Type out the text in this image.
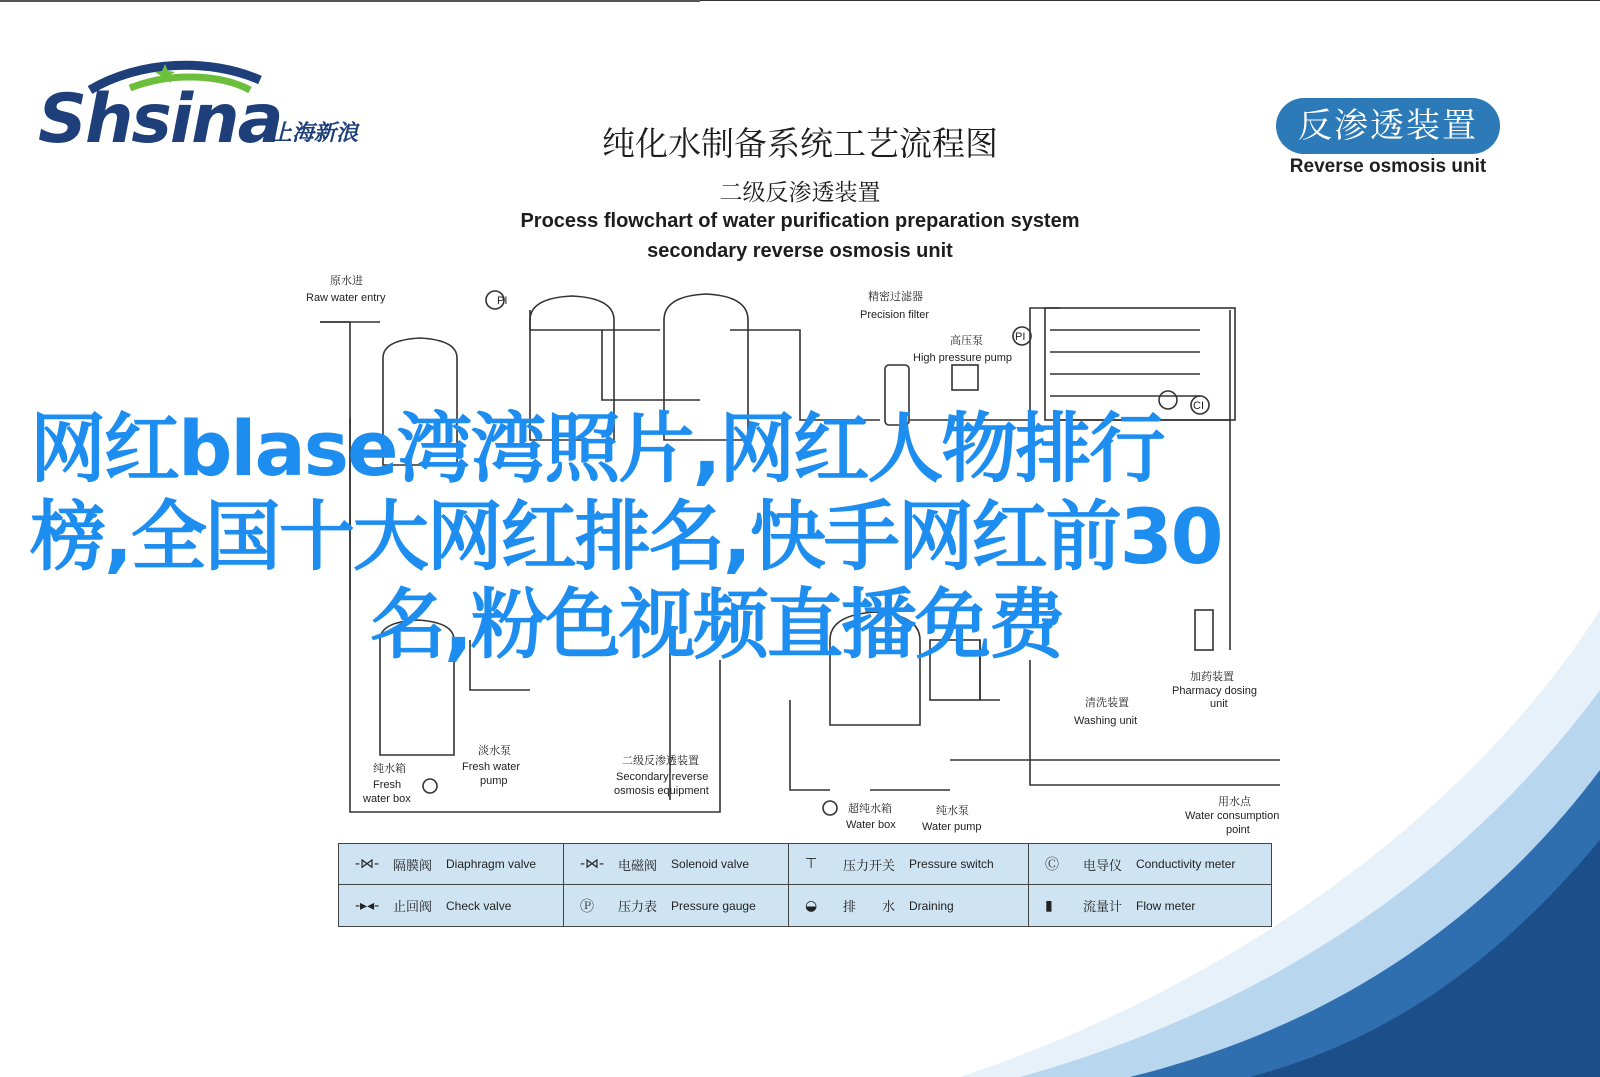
Shsina
上海新浪	反渗透装置
Reverse osmosis unit
纯化水制备系统工艺流程图
二级反渗透装置
Process flowchart of water purification preparation system
secondary reverse osmosis unit
PI
PI
CI
原水进
Raw water entry	精密过滤器
Precision filter
高压泵
High pressure pump
加药装置
Pharmacy dosing
unit
清洗装置
Washing unit
纯水箱
Fresh
water box
淡水泵
Fresh water
pump
二级反渗透装置
Secondary reverse
osmosis equipment
超纯水箱
Water box
纯水泵
Water pump
用水点
Water consumption
point
网红blase湾湾照片,网红人物排行
榜,全国十大网红排名,快手网红前30
名,粉色视频直播免费
-⋈-	隔膜阀 Diaphragm valve	-⋈-	电磁阀 Solenoid valve	⊤	压力开关 Pressure switch	Ⓒ	电导仪 Conductivity meter
-▸◂-	止回阀 Check valve	Ⓟ	压力表 Pressure gauge	◒	排　　水 Draining	▮	流量计 Flow meter
